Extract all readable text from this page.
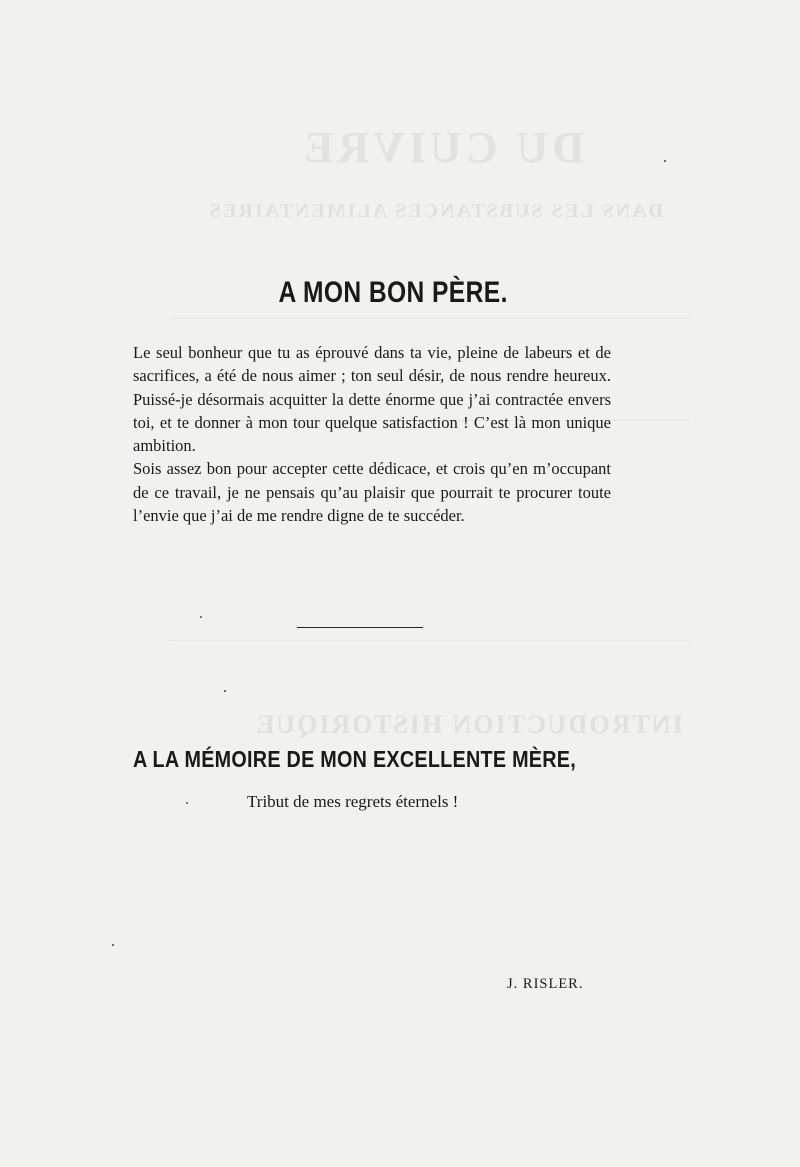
DU CUIVRE
DANS LES SUBSTANCES ALIMENTAIRES
INTRODUCTION HISTORIQUE
A MON BON PÈRE.

Le seul bonheur que tu as éprouvé dans ta vie, pleine de labeurs et de sacrifices, a été de nous aimer ; ton seul désir, de nous rendre heureux. Puissé-je désormais acquitter la dette énorme que j’ai contractée envers toi, et te donner à mon tour quelque satisfaction ! C’est là mon unique ambition.

Sois assez bon pour accepter cette dédicace, et crois qu’en m’occupant de ce travail, je ne pensais qu’au plaisir que pourrait te procurer toute l’envie que j’ai de me rendre digne de te succéder.

A LA MÉMOIRE DE MON EXCELLENTE MÈRE,
Tribut de mes regrets éternels !
J. RISLER.
